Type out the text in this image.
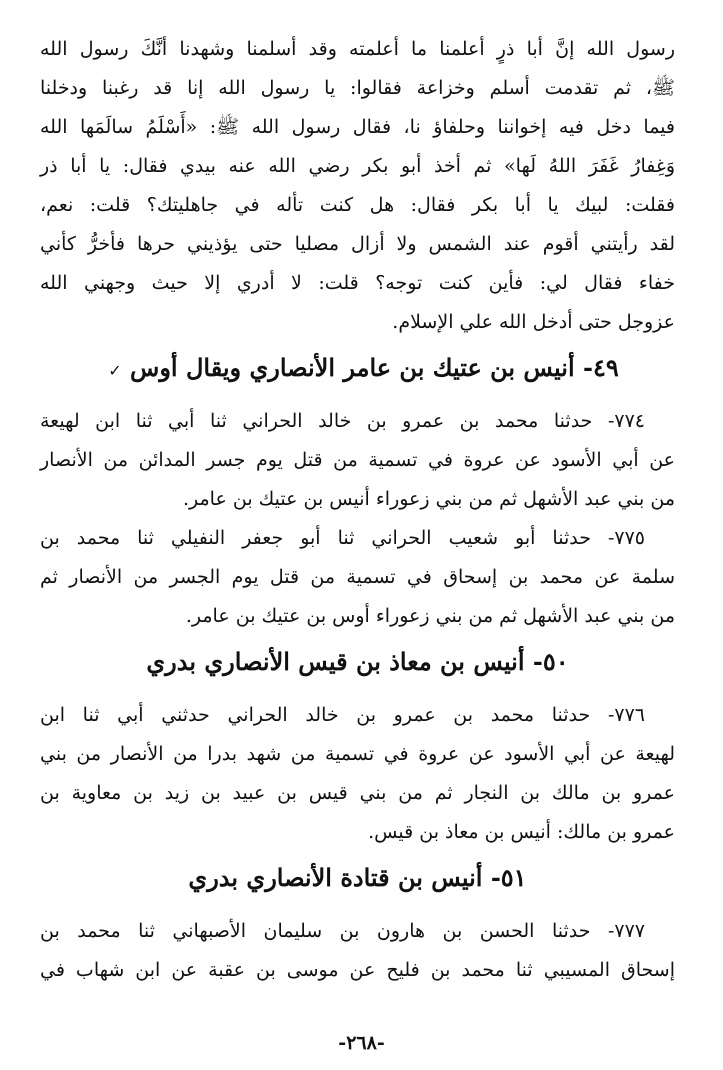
رسول الله إنَّ أبا ذرٍ أعلمنا ما أعلمته وقد أسلمنا وشهدنا أنَّكَ رسول الله
ﷺ، ثم تقدمت أسلم وخزاعة فقالوا: يا رسول الله إنا قد رغبنا ودخلنا
فيما دخل فيه إخواننا وحلفاؤ نا، فقال رسول الله ﷺ: «أَسْلَمُ سالَمَها الله
وَغِفارُ غَفَرَ اللهُ لَها» ثم أخذ أبو بكر رضي الله عنه بيدي فقال: يا أبا ذر
فقلت: لبيك يا أبا بكر فقال: هل كنت تأله في جاهليتك؟ قلت: نعم،
لقد رأيتني أقوم عند الشمس ولا أزال مصليا حتى يؤذيني حرها فأخرُّ كأني
خفاء فقال لي: فأين كنت توجه؟ قلت: لا أدري إلا حيث وجهني الله
عزوجل حتى أدخل الله علي الإسلام.
٤٩- أنيس بن عتيك بن عامر الأنصاري ويقال أوس ✓
٧٧٤- حدثنا محمد بن عمرو بن خالد الحراني ثنا أبي ثنا ابن لهيعة
عن أبي الأسود عن عروة في تسمية من قتل يوم جسر المدائن من الأنصار
من بني عبد الأشهل ثم من بني زعوراء أنيس بن عتيك بن عامر.
٧٧٥- حدثنا أبو شعيب الحراني ثنا أبو جعفر النفيلي ثنا محمد بن
سلمة عن محمد بن إسحاق في تسمية من قتل يوم الجسر من الأنصار ثم
من بني عبد الأشهل ثم من بني زعوراء أوس بن عتيك بن عامر.
٥٠- أنيس بن معاذ بن قيس الأنصاري بدري
٧٧٦- حدثنا محمد بن عمرو بن خالد الحراني حدثني أبي ثنا ابن
لهيعة عن أبي الأسود عن عروة في تسمية من شهد بدرا من الأنصار من بني
عمرو بن مالك بن النجار ثم من بني قيس بن عبيد بن زيد بن معاوية بن
عمرو بن مالك: أنيس بن معاذ بن قيس.
٥١- أنيس بن قتادة الأنصاري بدري
٧٧٧- حدثنا الحسن بن هارون بن سليمان الأصبهاني ثنا محمد بن
إسحاق المسيبي ثنا محمد بن فليح عن موسى بن عقبة عن ابن شهاب في
-٢٦٨-
